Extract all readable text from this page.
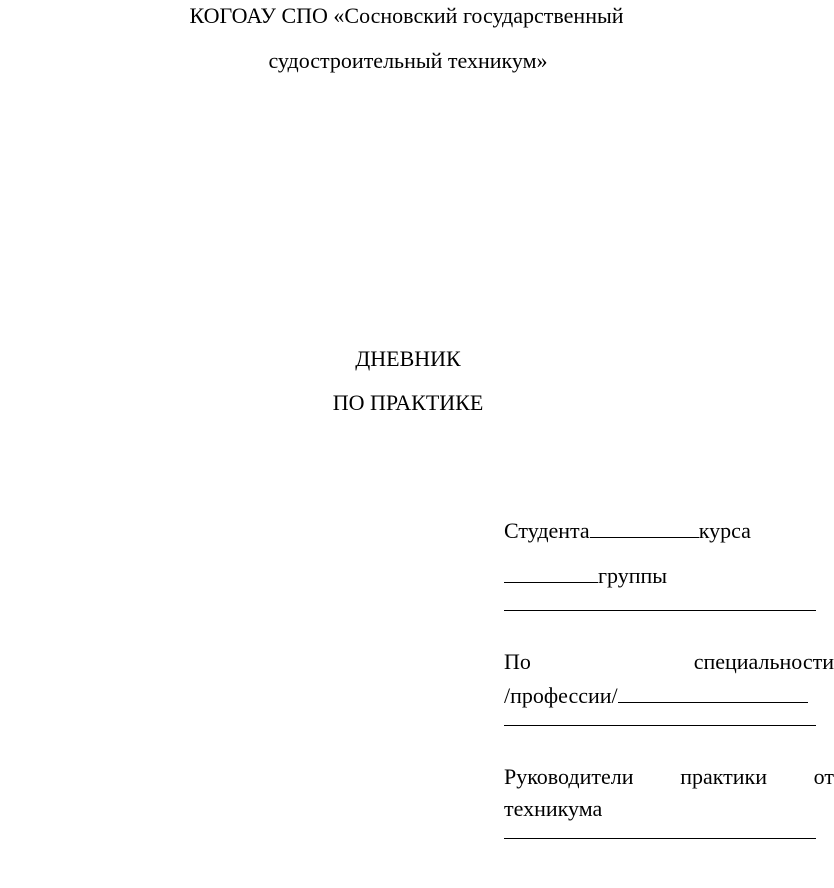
КОГОАУ СПО «Сосновский государственный
судостроительный техникум»
ДНЕВНИК
ПО ПРАКТИКЕ
Студента	курса
группы
По	специальности
/профессии/
Руководители практики от
техникума
